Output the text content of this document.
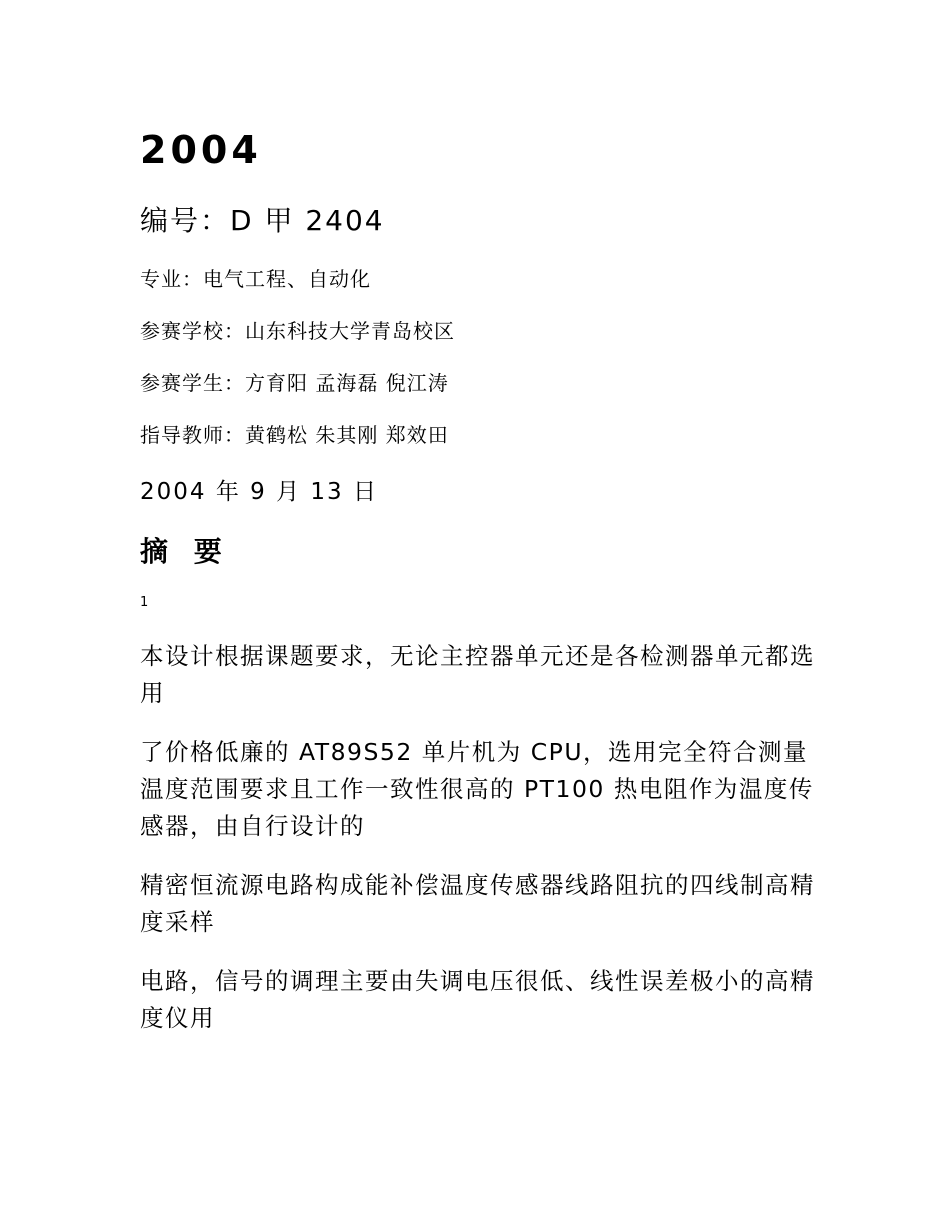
2004
编号：D 甲 2404
专业：电气工程、自动化
参赛学校：山东科技大学青岛校区
参赛学生：方育阳 孟海磊 倪江涛
指导教师：黄鹤松 朱其刚 郑效田
2004 年 9 月 13 日
摘 要
1

本设计根据课题要求，无论主控器单元还是各检测器单元都选用

了价格低廉的 AT89S52 单片机为 CPU，选用完全符合测量温度范围要求且工作一致性很高的 PT100 热电阻作为温度传感器，由自行设计的

精密恒流源电路构成能补偿温度传感器线路阻抗的四线制高精度采样

电路，信号的调理主要由失调电压很低、线性误差极小的高精度仪用
